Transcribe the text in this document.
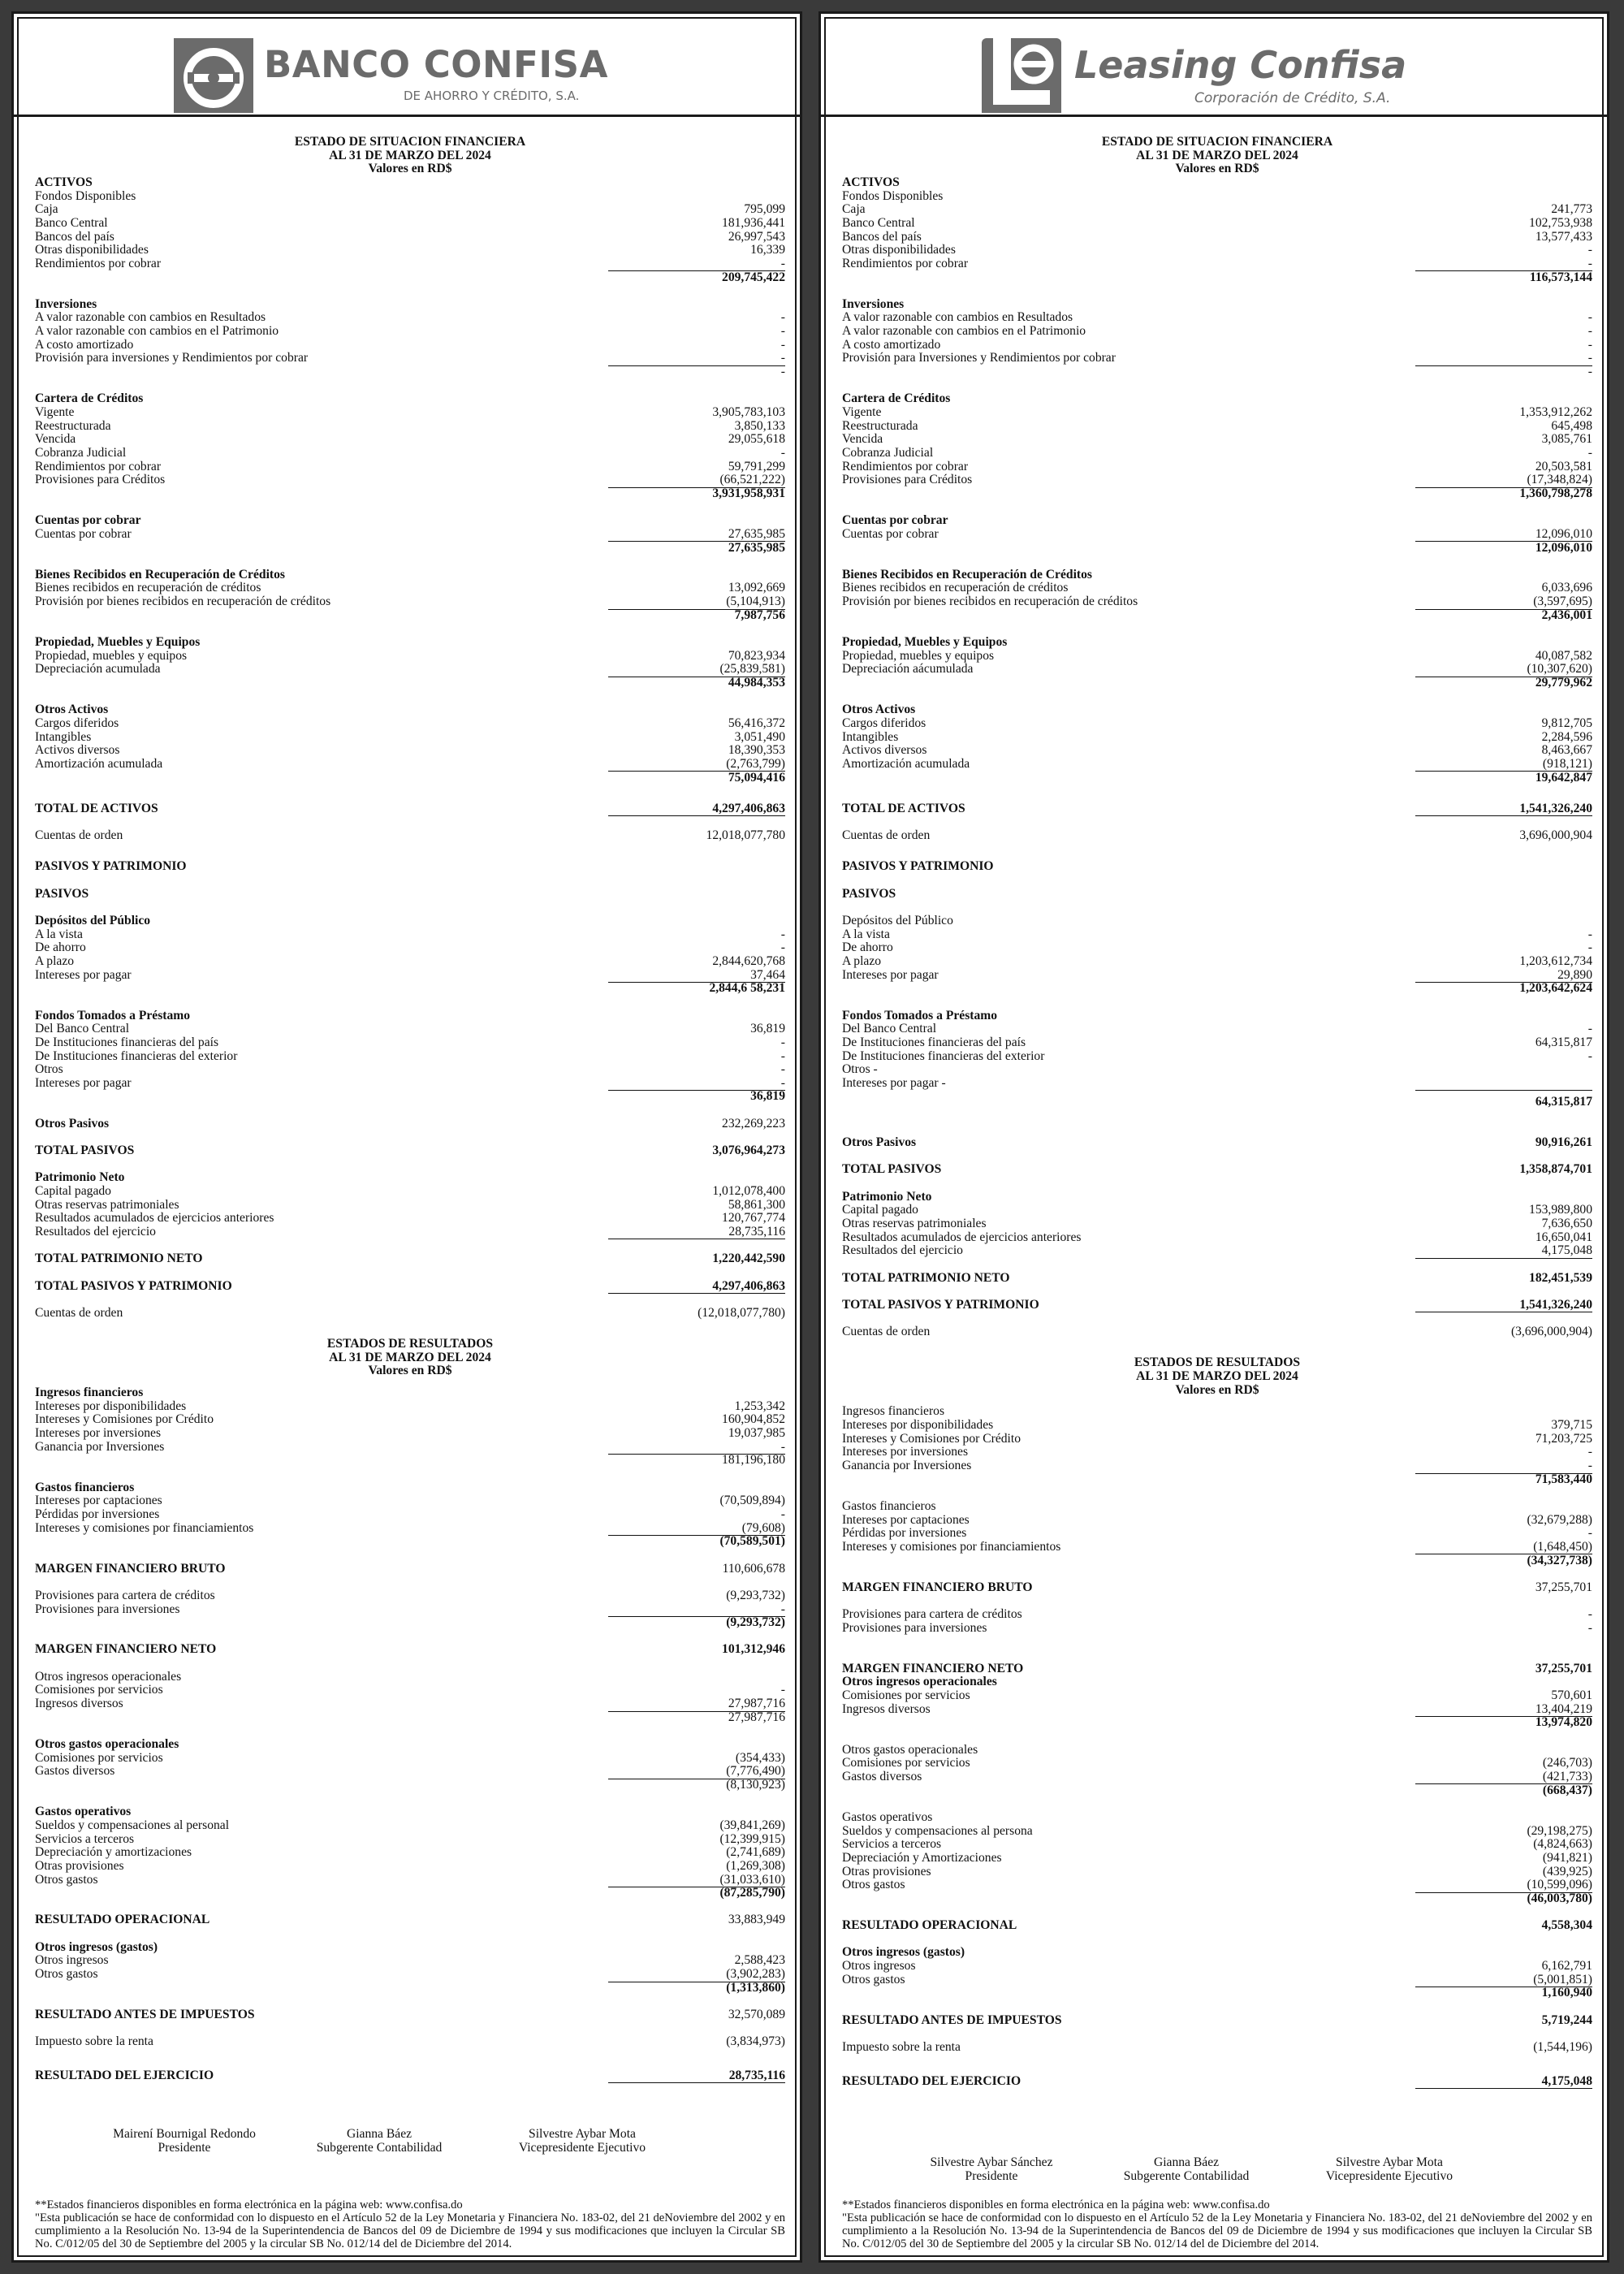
BANCO CONFISA
DE AHORRO Y CRÉDITO, S.A.
ESTADO DE SITUACION FINANCIERA
AL 31 DE MARZO DEL 2024
Valores en RD$
ACTIVOS
Fondos Disponibles
Caja	795,099
Banco Central	181,936,441
Bancos del país	26,997,543
Otras disponibilidades	16,339
Rendimientos por cobrar	-
209,745,422
Inversiones
A valor razonable con cambios en Resultados	-
A valor razonable con cambios en el Patrimonio	-
A costo amortizado	-
Provisión para inversiones y Rendimientos por cobrar	-
-
Cartera de Créditos
Vigente	3,905,783,103
Reestructurada	3,850,133
Vencida	29,055,618
Cobranza Judicial	-
Rendimientos por cobrar	59,791,299
Provisiones para Créditos	(66,521,222)
3,931,958,931
Cuentas por cobrar
Cuentas por cobrar	27,635,985
27,635,985
Bienes Recibidos en Recuperación de Créditos
Bienes recibidos en recuperación de créditos	13,092,669
Provisión por bienes recibidos en recuperación de créditos	(5,104,913)
7,987,756
Propiedad, Muebles y Equipos
Propiedad, muebles y equipos	70,823,934
Depreciación acumulada	(25,839,581)
44,984,353
Otros Activos
Cargos diferidos	56,416,372
Intangibles	3,051,490
Activos diversos	18,390,353
Amortización acumulada	(2,763,799)
75,094,416
TOTAL DE ACTIVOS	4,297,406,863
Cuentas de orden	12,018,077,780
PASIVOS Y PATRIMONIO
PASIVOS
Depósitos del Público
A la vista	-
De ahorro	-
A plazo	2,844,620,768
Intereses por pagar	37,464
2,844,6 58,231
Fondos Tomados a Préstamo
Del Banco Central	36,819
De Instituciones financieras del país	-
De Instituciones financieras del exterior	-
Otros	-
Intereses por pagar	-
36,819
Otros Pasivos	232,269,223
TOTAL PASIVOS	3,076,964,273
Patrimonio Neto
Capital pagado	1,012,078,400
Otras reservas patrimoniales	58,861,300
Resultados acumulados de ejercicios anteriores	120,767,774
Resultados del ejercicio	28,735,116
TOTAL PATRIMONIO NETO	1,220,442,590
TOTAL PASIVOS Y PATRIMONIO	4,297,406,863
Cuentas de orden	(12,018,077,780)
ESTADOS DE RESULTADOS
AL 31 DE MARZO DEL 2024
Valores en RD$
Ingresos financieros
Intereses por disponibilidades	1,253,342
Intereses y Comisiones por Crédito	160,904,852
Intereses por inversiones	19,037,985
Ganancia por Inversiones	-
181,196,180
Gastos financieros
Intereses por captaciones	(70,509,894)
Pérdidas por inversiones	-
Intereses y comisiones por financiamientos	(79,608)
(70,589,501)
MARGEN FINANCIERO BRUTO	110,606,678
Provisiones para cartera de créditos	(9,293,732)
Provisiones para inversiones	-
(9,293,732)
MARGEN FINANCIERO NETO	101,312,946
Otros ingresos operacionales
Comisiones por servicios	-
Ingresos diversos	27,987,716
27,987,716
Otros gastos operacionales
Comisiones por servicios	(354,433)
Gastos diversos	(7,776,490)
(8,130,923)
Gastos operativos
Sueldos y compensaciones al personal	(39,841,269)
Servicios a terceros	(12,399,915)
Depreciación y amortizaciones	(2,741,689)
Otras provisiones	(1,269,308)
Otros gastos	(31,033,610)
(87,285,790)
RESULTADO OPERACIONAL	33,883,949
Otros ingresos (gastos)
Otros ingresos	2,588,423
Otros gastos	(3,902,283)
(1,313,860)
RESULTADO ANTES DE IMPUESTOS	32,570,089
Impuesto sobre la renta	(3,834,973)
RESULTADO DEL EJERCICIO	28,735,116
Mairení Bournigal Redondo
Presidente
Gianna Báez
Subgerente Contabilidad
Silvestre Aybar Mota
Vicepresidente Ejecutivo
**Estados financieros disponibles en forma electrónica en la página web: www.confisa.do
"Esta publicación se hace de conformidad con lo dispuesto en el Artículo 52 de la Ley Monetaria y Financiera No. 183-02, del 21 deNoviembre del 2002 y en cumplimiento a la Resolución No. 13-94 de la Superintendencia de Bancos del 09 de Diciembre de 1994 y sus modificaciones que incluyen la Circular SB No. C/012/05 del 30 de Septiembre del 2005 y la circular SB No. 012/14 del de Diciembre del 2014.
Leasing Confisa
Corporación de Crédito, S.A.
ESTADO DE SITUACION FINANCIERA
AL 31 DE MARZO DEL 2024
Valores en RD$
ACTIVOS
Fondos Disponibles
Caja	241,773
Banco Central	102,753,938
Bancos del país	13,577,433
Otras disponibilidades	-
Rendimientos por cobrar	-
116,573,144
Inversiones
A valor razonable con cambios en Resultados	-
A valor razonable con cambios en el Patrimonio	-
A costo amortizado	-
Provisión para Inversiones y Rendimientos por cobrar	-
-
Cartera de Créditos
Vigente	1,353,912,262
Reestructurada	645,498
Vencida	3,085,761
Cobranza Judicial	-
Rendimientos por cobrar	20,503,581
Provisiones para Créditos	(17,348,824)
1,360,798,278
Cuentas por cobrar
Cuentas por cobrar	12,096,010
12,096,010
Bienes Recibidos en Recuperación de Créditos
Bienes recibidos en recuperación de créditos	6,033,696
Provisión por bienes recibidos en recuperación de créditos	(3,597,695)
2,436,001
Propiedad, Muebles y Equipos
Propiedad, muebles y equipos	40,087,582
Depreciación aácumulada	(10,307,620)
29,779,962
Otros Activos
Cargos diferidos	9,812,705
Intangibles	2,284,596
Activos diversos	8,463,667
Amortización acumulada	(918,121)
19,642,847
TOTAL DE ACTIVOS	1,541,326,240
Cuentas de orden	3,696,000,904
PASIVOS Y PATRIMONIO
PASIVOS
Depósitos del Público
A la vista	-
De ahorro	-
A plazo	1,203,612,734
Intereses por pagar	29,890
1,203,642,624
Fondos Tomados a Préstamo
Del Banco Central	-
De Instituciones financieras del país	64,315,817
De Instituciones financieras del exterior	-
Otros -
Intereses por pagar -
64,315,817
Otros Pasivos	90,916,261
TOTAL PASIVOS	1,358,874,701
Patrimonio Neto
Capital pagado	153,989,800
Otras reservas patrimoniales	7,636,650
Resultados acumulados de ejercicios anteriores	16,650,041
Resultados del ejercicio	4,175,048
TOTAL PATRIMONIO NETO	182,451,539
TOTAL PASIVOS Y PATRIMONIO	1,541,326,240
Cuentas de orden	(3,696,000,904)
ESTADOS DE RESULTADOS
AL 31 DE MARZO DEL 2024
Valores en RD$
Ingresos financieros
Intereses por disponibilidades	379,715
Intereses y Comisiones por Crédito	71,203,725
Intereses por inversiones	-
Ganancia por Inversiones	-
71,583,440
Gastos financieros
Intereses por captaciones	(32,679,288)
Pérdidas por inversiones	-
Intereses y comisiones por financiamientos	(1,648,450)
(34,327,738)
MARGEN FINANCIERO BRUTO	37,255,701
Provisiones para cartera de créditos	-
Provisiones para inversiones	-
MARGEN FINANCIERO NETO	37,255,701
Otros ingresos operacionales
Comisiones por servicios	570,601
Ingresos diversos	13,404,219
13,974,820
Otros gastos operacionales
Comisiones por servicios	(246,703)
Gastos diversos	(421,733)
(668,437)
Gastos operativos
Sueldos y compensaciones al persona	(29,198,275)
Servicios a terceros	(4,824,663)
Depreciación y Amortizaciones	(941,821)
Otras provisiones	(439,925)
Otros gastos	(10,599,096)
(46,003,780)
RESULTADO OPERACIONAL	4,558,304
Otros ingresos (gastos)
Otros ingresos	6,162,791
Otros gastos	(5,001,851)
1,160,940
RESULTADO ANTES DE IMPUESTOS	5,719,244
Impuesto sobre la renta	(1,544,196)
RESULTADO DEL EJERCICIO	4,175,048
Silvestre Aybar Sánchez
Presidente
Gianna Báez
Subgerente Contabilidad
Silvestre Aybar Mota
Vicepresidente Ejecutivo
**Estados financieros disponibles en forma electrónica en la página web: www.confisa.do
"Esta publicación se hace de conformidad con lo dispuesto en el Artículo 52 de la Ley Monetaria y Financiera No. 183-02, del 21 deNoviembre del 2002 y en cumplimiento a la Resolución No. 13-94 de la Superintendencia de Bancos del 09 de Diciembre de 1994 y sus modificaciones que incluyen la Circular SB No. C/012/05 del 30 de Septiembre del 2005 y la circular SB No. 012/14 del de Diciembre del 2014.
